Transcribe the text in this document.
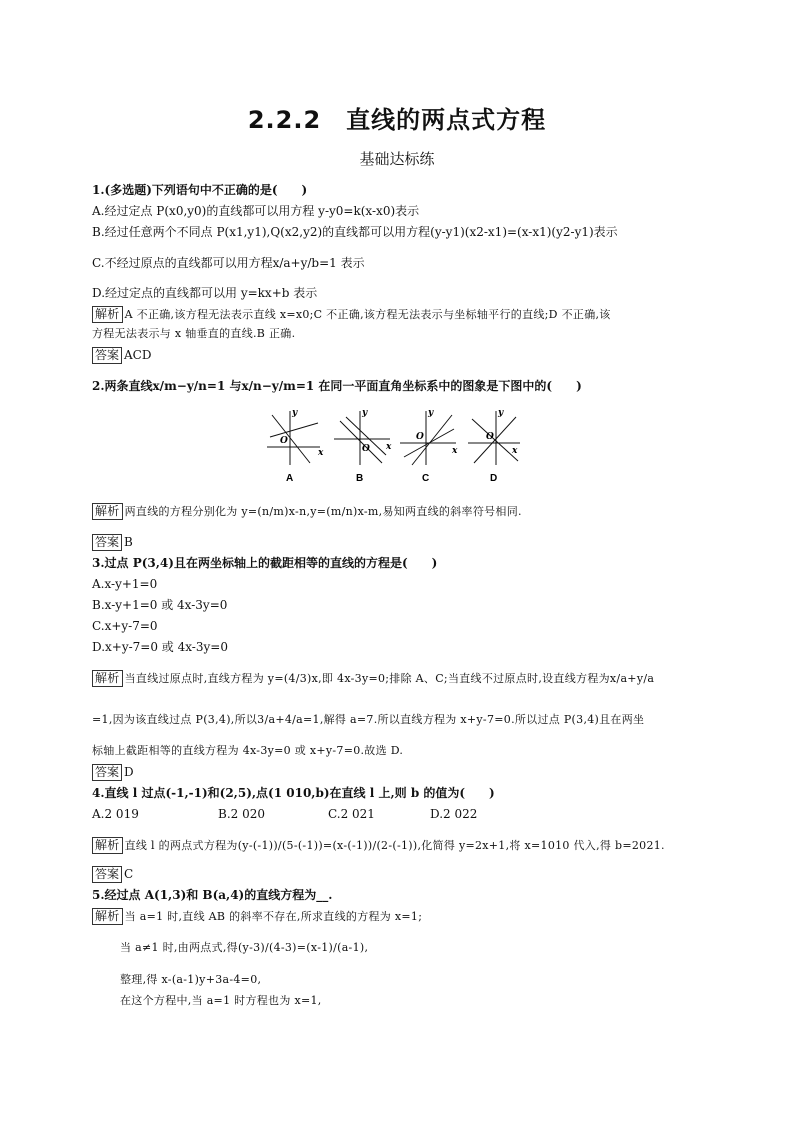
2.2.2　直线的两点式方程
基础达标练
1.(多选题)下列语句中不正确的是(　　)
A.经过定点 P(x0,y0)的直线都可以用方程 y-y0=k(x-x0)表示
B.经过任意两个不同点 P(x1,y1),Q(x2,y2)的直线都可以用方程(y-y1)(x2-x1)=(x-x1)(y2-y1)表示
C.不经过原点的直线都可以用方程x/a+y/b=1 表示
D.经过定点的直线都可以用 y=kx+b 表示
解析 A 不正确,该方程无法表示直线 x=x0;C 不正确,该方程无法表示与坐标轴平行的直线;D 不正确,该
方程无法表示与 x 轴垂直的直线.B 正确.
答案 ACD
2.两条直线x/m−y/n=1 与x/n−y/m=1 在同一平面直角坐标系中的图象是下图中的(　　)
y
x
O
A
y
x
O
B
y
x
O
C
y
x
O
D
解析 两直线的方程分别化为 y=(n/m)x-n,y=(m/n)x-m,易知两直线的斜率符号相同.
答案 B
3.过点 P(3,4)且在两坐标轴上的截距相等的直线的方程是(　　)
A.x-y+1=0
B.x-y+1=0 或 4x-3y=0
C.x+y-7=0
D.x+y-7=0 或 4x-3y=0
解析 当直线过原点时,直线方程为 y=(4/3)x,即 4x-3y=0;排除 A、C;当直线不过原点时,设直线方程为x/a+y/a
=1,因为该直线过点 P(3,4),所以3/a+4/a=1,解得 a=7.所以直线方程为 x+y-7=0.所以过点 P(3,4)且在两坐
标轴上截距相等的直线方程为 4x-3y=0 或 x+y-7=0.故选 D.
答案 D
4.直线 l 过点(-1,-1)和(2,5),点(1 010,b)在直线 l 上,则 b 的值为(　　)
A.2 019	B.2 020	C.2 021	D.2 022
解析 直线 l 的两点式方程为(y-(-1))/(5-(-1))=(x-(-1))/(2-(-1)),化简得 y=2x+1,将 x=1010 代入,得 b=2021.
答案 C
5.经过点 A(1,3)和 B(a,4)的直线方程为__.
解析 当 a=1 时,直线 AB 的斜率不存在,所求直线的方程为 x=1;
当 a≠1 时,由两点式,得(y-3)/(4-3)=(x-1)/(a-1),
整理,得 x-(a-1)y+3a-4=0,
在这个方程中,当 a=1 时方程也为 x=1,
